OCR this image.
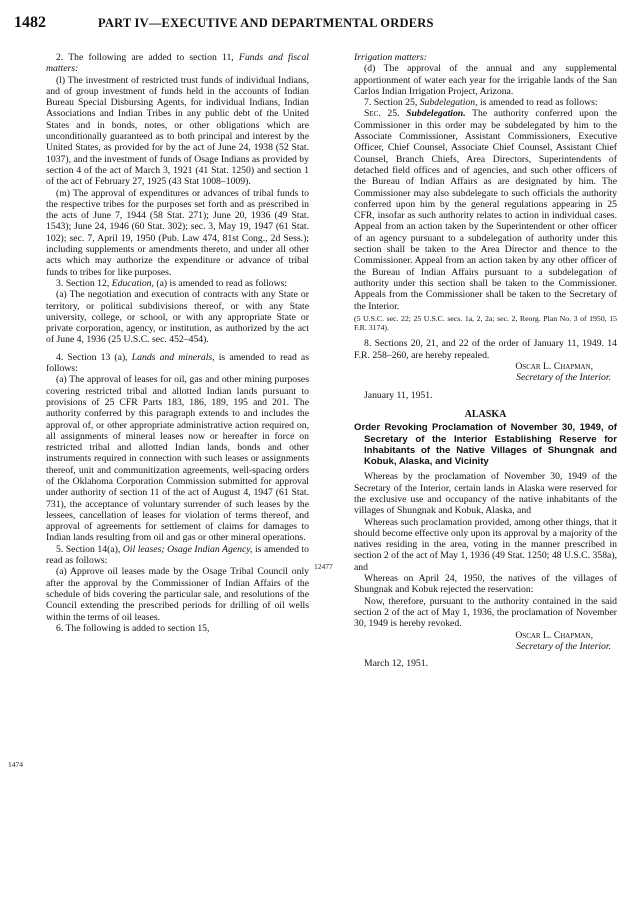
1482	PART IV—EXECUTIVE AND DEPARTMENTAL ORDERS
1474
12477

2. The following are added to section 11, Funds and fiscal matters:

(l) The investment of restricted trust funds of individual Indians, and of group investment of funds held in the accounts of Indian Bureau Special Disbursing Agents, for individual Indians, Indian Associations and Indian Tribes in any public debt of the United States and in bonds, notes, or other obligations which are unconditionally guaranteed as to both principal and interest by the United States, as provided for by the act of June 24, 1938 (52 Stat. 1037), and the investment of funds of Osage Indians as provided by section 4 of the act of March 3, 1921 (41 Stat. 1250) and section 1 of the act of February 27, 1925 (43 Stat 1008–1009).

(m) The approval of expenditures or advances of tribal funds to the respective tribes for the purposes set forth and as prescribed in the acts of June 7, 1944 (58 Stat. 271); June 20, 1936 (49 Stat. 1543); June 24, 1946 (60 Stat. 302); sec. 3, May 19, 1947 (61 Stat. 102); sec. 7, April 19, 1950 (Pub. Law 474, 81st Cong., 2d Sess.); including supplements or amendments thereto, and under all other acts which may authorize the expenditure or advance of tribal funds to tribes for like purposes.

3. Section 12, Education, (a) is amended to read as follows:

(a) The negotiation and execution of contracts with any State or territory, or political subdivisions thereof, or with any State university, college, or school, or with any appropriate State or private corporation, agency, or institution, as authorized by the act of June 4, 1936 (25 U.S.C. sec. 452–454).

4. Section 13 (a), Lands and minerals, is amended to read as follows:

(a) The approval of leases for oil, gas and other mining purposes covering restricted tribal and allotted Indian lands pursuant to provisions of 25 CFR Parts 183, 186, 189, 195 and 201. The authority conferred by this paragraph extends to and includes the approval of, or other appropriate administrative action required on, all assignments of mineral leases now or hereafter in force on restricted tribal and allotted Indian lands, bonds and other instruments required in connection with such leases or assignments thereof, unit and communitization agreements, well-spacing orders of the Oklahoma Corporation Commission submitted for approval under authority of section 11 of the act of August 4, 1947 (61 Stat. 731), the acceptance of voluntary surrender of such leases by the lessees, cancellation of leases for violation of terms thereof, and approval of agreements for settlement of claims for damages to Indian lands resulting from oil and gas or other mineral operations.

5. Section 14(a), Oil leases; Osage Indian Agency, is amended to read as follows:

(a) Approve oil leases made by the Osage Tribal Council only after the approval by the Commissioner of Indian Affairs of the schedule of bids covering the particular sale, and resolutions of the Council extending the prescribed periods for drilling of oil wells within the terms of oil leases.

6. The following is added to section 15,

Irrigation matters:

(d) The approval of the annual and any supplemental apportionment of water each year for the irrigable lands of the San Carlos Indian Irrigation Project, Arizona.

7. Section 25, Subdelegation, is amended to read as follows:

Sec. 25. Subdelegation. The authority conferred upon the Commissioner in this order may be subdelegated by him to the Associate Commissioner, Assistant Commissioners, Executive Officer, Chief Counsel, Associate Chief Counsel, Assistant Chief Counsel, Branch Chiefs, Area Directors, Superintendents of detached field offices and of agencies, and such other officers of the Bureau of Indian Affairs as are designated by him. The Commissioner may also subdelegate to such officials the authority conferred upon him by the general regulations appearing in 25 CFR, insofar as such authority relates to action in individual cases. Appeal from an action taken by the Superintendent or other officer of an agency pursuant to a subdelegation of authority under this section shall be taken to the Area Director and thence to the Commissioner. Appeal from an action taken by any other officer of the Bureau of Indian Affairs pursuant to a subdelegation of authority under this section shall be taken to the Commissioner. Appeals from the Commissioner shall be taken to the Secretary of the Interior.

(5 U.S.C. sec. 22; 25 U.S.C. secs. 1a, 2, 2a; sec. 2, Reorg. Plan No. 3 of 1950, 15 F.R. 3174).

8. Sections 20, 21, and 22 of the order of January 11, 1949. 14 F.R. 258–260, are hereby repealed.

Oscar L. Chapman,
Secretary of the Interior.
January 11, 1951.
ALASKA
Order Revoking Proclamation of November 30, 1949, of Secretary of the Interior Establishing Reserve for Inhabitants of the Native Villages of Shungnak and Kobuk, Alaska, and Vicinity

Whereas by the proclamation of November 30, 1949 of the Secretary of the Interior, certain lands in Alaska were reserved for the exclusive use and occupancy of the native inhabitants of the villages of Shungnak and Kobuk, Alaska, and

Whereas such proclamation provided, among other things, that it should become effective only upon its approval by a majority of the natives residing in the area, voting in the manner prescribed in section 2 of the act of May 1, 1936 (49 Stat. 1250; 48 U.S.C. 358a), and

Whereas on April 24, 1950, the natives of the villages of Shungnak and Kobuk rejected the reservation:

Now, therefore, pursuant to the authority contained in the said section 2 of the act of May 1, 1936, the proclamation of November 30, 1949 is hereby revoked.

Oscar L. Chapman,
Secretary of the Interior.
March 12, 1951.
